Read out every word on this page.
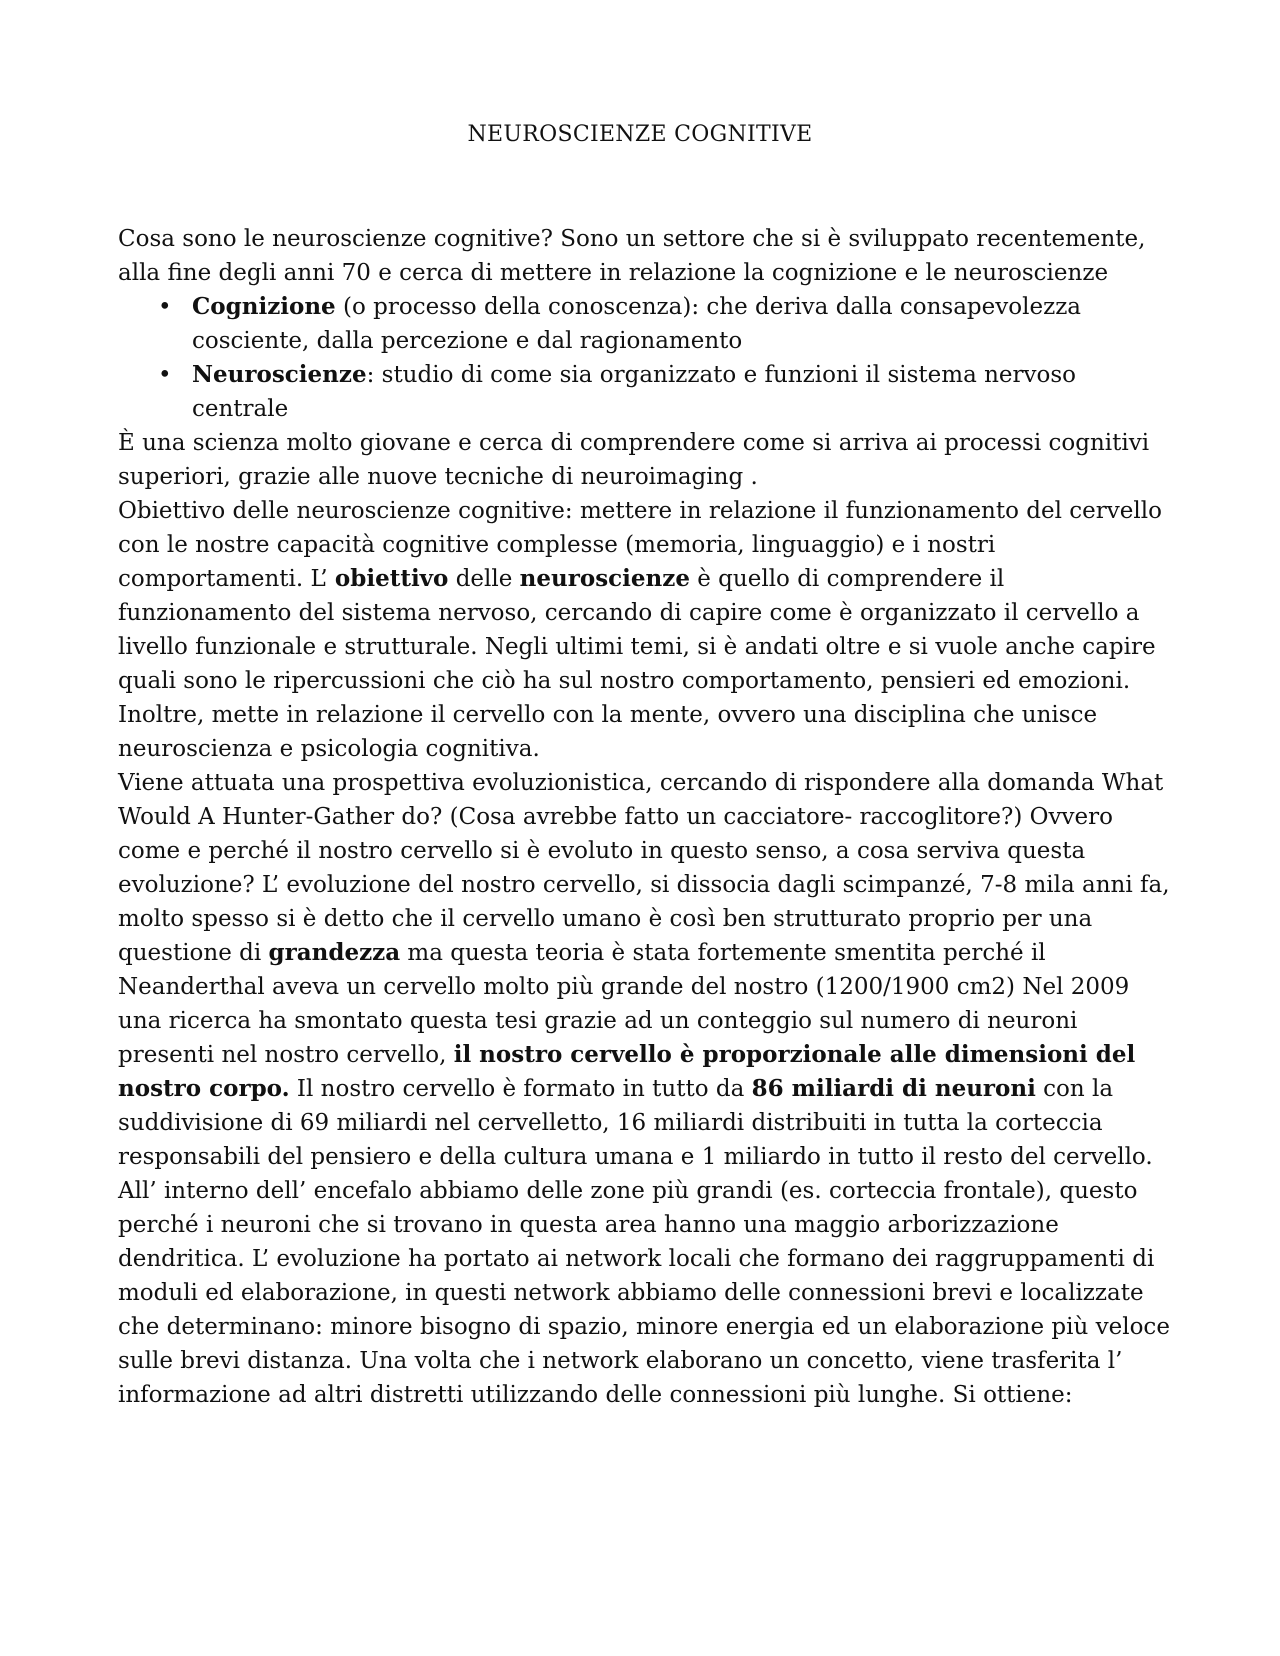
NEUROSCIENZE COGNITIVE

Cosa sono le neuroscienze cognitive? Sono un settore che si è sviluppato recentemente, alla fine degli anni 70 e cerca di mettere in relazione la cognizione e le neuroscienze

• Cognizione (o processo della conoscenza): che deriva dalla consapevolezza cosciente, dalla percezione e dal ragionamento
• Neuroscienze: studio di come sia organizzato e funzioni il sistema nervoso centrale

È una scienza molto giovane e cerca di comprendere come si arriva ai processi cognitivi superiori, grazie alle nuove tecniche di neuroimaging .

Obiettivo delle neuroscienze cognitive: mettere in relazione il funzionamento del cervello con le nostre capacità cognitive complesse (memoria, linguaggio) e i nostri comportamenti. L’ obiettivo delle neuroscienze è quello di comprendere il funzionamento del sistema nervoso, cercando di capire come è organizzato il cervello a livello funzionale e strutturale. Negli ultimi temi, si è andati oltre e si vuole anche capire quali sono le ripercussioni che ciò ha sul nostro comportamento, pensieri ed emozioni. Inoltre, mette in relazione il cervello con la mente, ovvero una disciplina che unisce neuroscienza e psicologia cognitiva.

Viene attuata una prospettiva evoluzionistica, cercando di rispondere alla domanda What Would A Hunter-Gather do? (Cosa avrebbe fatto un cacciatore- raccoglitore?) Ovvero come e perché il nostro cervello si è evoluto in questo senso, a cosa serviva questa evoluzione? L’ evoluzione del nostro cervello, si dissocia dagli scimpanzé, 7-8 mila anni fa, molto spesso si è detto che il cervello umano è così ben strutturato proprio per una questione di grandezza ma questa teoria è stata fortemente smentita perché il Neanderthal aveva un cervello molto più grande del nostro (1200/1900 cm2) Nel 2009 una ricerca ha smontato questa tesi grazie ad un conteggio sul numero di neuroni presenti nel nostro cervello, il nostro cervello è proporzionale alle dimensioni del nostro corpo. Il nostro cervello è formato in tutto da 86 miliardi di neuroni con la suddivisione di 69 miliardi nel cervelletto, 16 miliardi distribuiti in tutta la corteccia responsabili del pensiero e della cultura umana e 1 miliardo in tutto il resto del cervello.

All’ interno dell’ encefalo abbiamo delle zone più grandi (es. corteccia frontale), questo perché i neuroni che si trovano in questa area hanno una maggio arborizzazione dendritica. L’ evoluzione ha portato ai network locali che formano dei raggruppamenti di moduli ed elaborazione, in questi network abbiamo delle connessioni brevi e localizzate che determinano: minore bisogno di spazio, minore energia ed un elaborazione più veloce sulle brevi distanza. Una volta che i network elaborano un concetto, viene trasferita l’ informazione ad altri distretti utilizzando delle connessioni più lunghe. Si ottiene:
